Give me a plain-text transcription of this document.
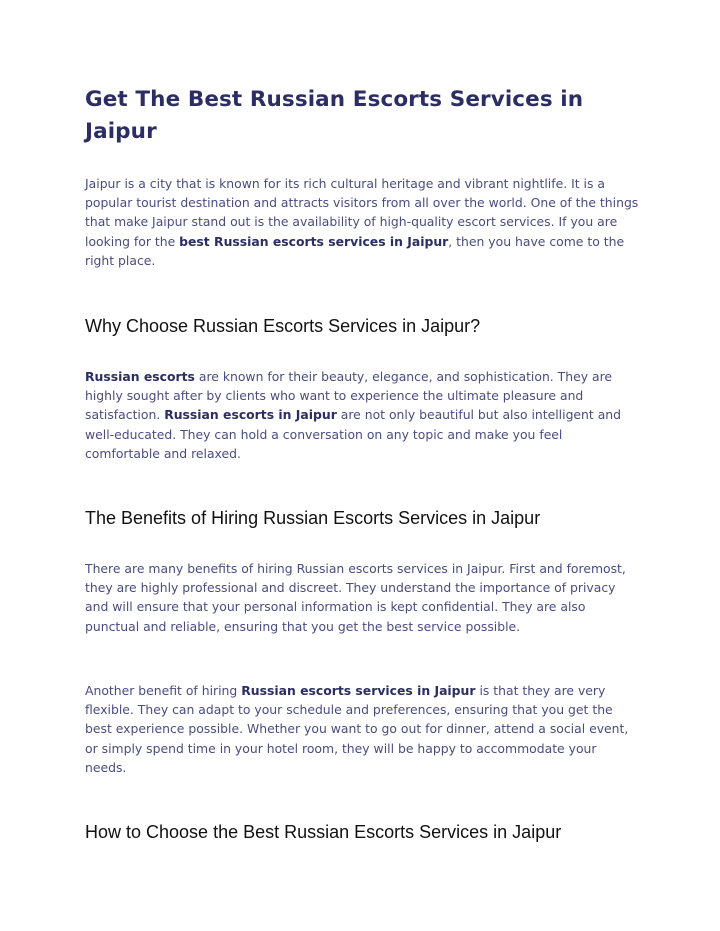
Get The Best Russian Escorts Services in Jaipur

Jaipur is a city that is known for its rich cultural heritage and vibrant nightlife. It is a popular tourist destination and attracts visitors from all over the world. One of the things that make Jaipur stand out is the availability of high-quality escort services. If you are looking for the best Russian escorts services in Jaipur, then you have come to the right place.

Why Choose Russian Escorts Services in Jaipur?

Russian escorts are known for their beauty, elegance, and sophistication. They are highly sought after by clients who want to experience the ultimate pleasure and satisfaction. Russian escorts in Jaipur are not only beautiful but also intelligent and well-educated. They can hold a conversation on any topic and make you feel comfortable and relaxed.

The Benefits of Hiring Russian Escorts Services in Jaipur

There are many benefits of hiring Russian escorts services in Jaipur. First and foremost, they are highly professional and discreet. They understand the importance of privacy and will ensure that your personal information is kept confidential. They are also punctual and reliable, ensuring that you get the best service possible.

Another benefit of hiring Russian escorts services in Jaipur is that they are very flexible. They can adapt to your schedule and preferences, ensuring that you get the best experience possible. Whether you want to go out for dinner, attend a social event, or simply spend time in your hotel room, they will be happy to accommodate your needs.

How to Choose the Best Russian Escorts Services in Jaipur
